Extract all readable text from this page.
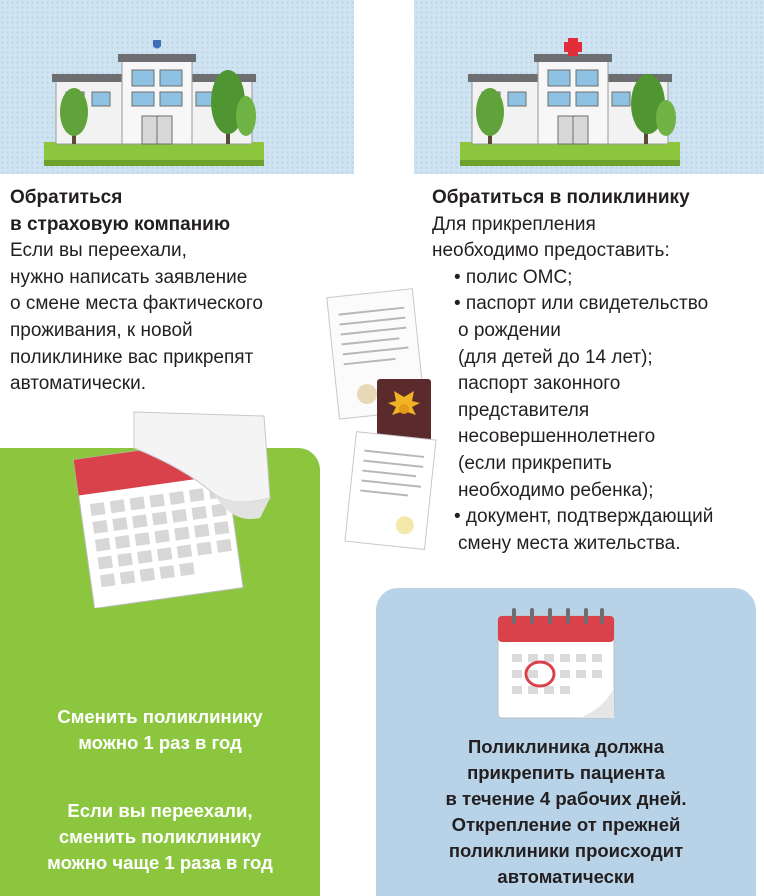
Обратиться
в страховую компанию
Если вы переехали,
нужно написать заявление
о смене места фактического
проживания, к новой
поликлинике вас прикрепят
автоматически.
Обратиться в поликлинику
Для прикрепления
необходимо предоставить:
• полис ОМС;
• паспорт или свидетельство
о рождении
(для детей до 14 лет);
паспорт законного
представителя
несовершеннолетнего
(если прикрепить
необходимо ребенка);
• документ, подтверждающий
смену места жительства.
Сменить поликлинику
можно 1 раз в год
Если вы переехали,
сменить поликлинику
можно чаще 1 раза в год
Поликлиника должна
прикрепить пациента
в течение 4 рабочих дней.
Открепление от прежней
поликлиники происходит
автоматически
